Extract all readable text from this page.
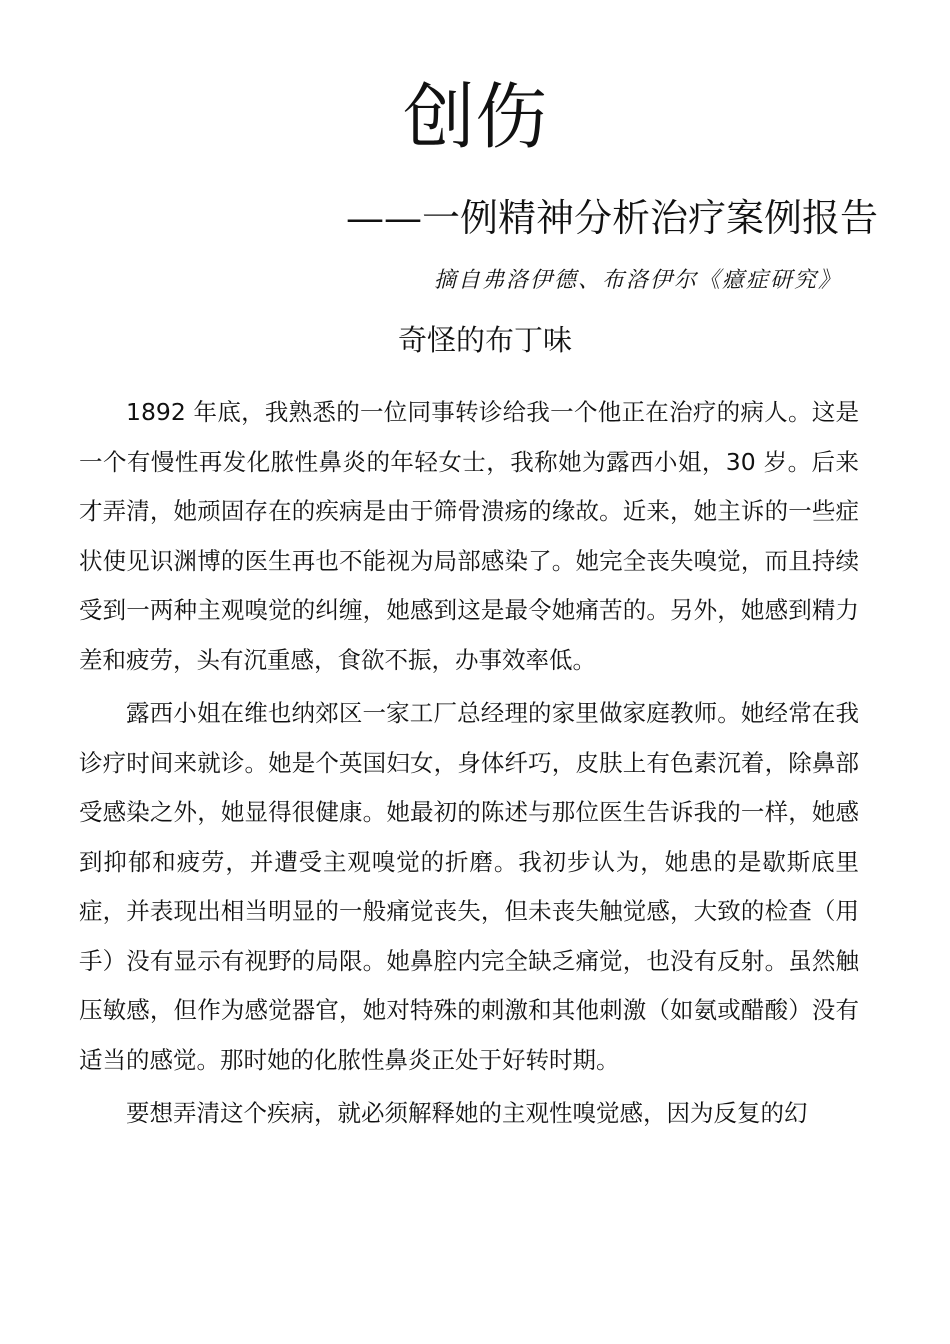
创伤
——一例精神分析治疗案例报告
摘自弗洛伊德、布洛伊尔《癔症研究》
奇怪的布丁味

1892 年底，我熟悉的一位同事转诊给我一个他正在治疗的病人。这是一个有慢性再发化脓性鼻炎的年轻女士，我称她为露西小姐，30 岁。后来才弄清，她顽固存在的疾病是由于筛骨溃疡的缘故。近来，她主诉的一些症状使见识渊博的医生再也不能视为局部感染了。她完全丧失嗅觉，而且持续受到一两种主观嗅觉的纠缠，她感到这是最令她痛苦的。另外，她感到精力差和疲劳，头有沉重感，食欲不振，办事效率低。

露西小姐在维也纳郊区一家工厂总经理的家里做家庭教师。她经常在我诊疗时间来就诊。她是个英国妇女，身体纤巧，皮肤上有色素沉着，除鼻部受感染之外，她显得很健康。她最初的陈述与那位医生告诉我的一样，她感到抑郁和疲劳，并遭受主观嗅觉的折磨。我初步认为，她患的是歇斯底里症，并表现出相当明显的一般痛觉丧失，但未丧失触觉感，大致的检查（用手）没有显示有视野的局限。她鼻腔内完全缺乏痛觉，也没有反射。虽然触压敏感，但作为感觉器官，她对特殊的刺激和其他刺激（如氨或醋酸）没有适当的感觉。那时她的化脓性鼻炎正处于好转时期。

要想弄清这个疾病，就必须解释她的主观性嗅觉感，因为反复的幻
